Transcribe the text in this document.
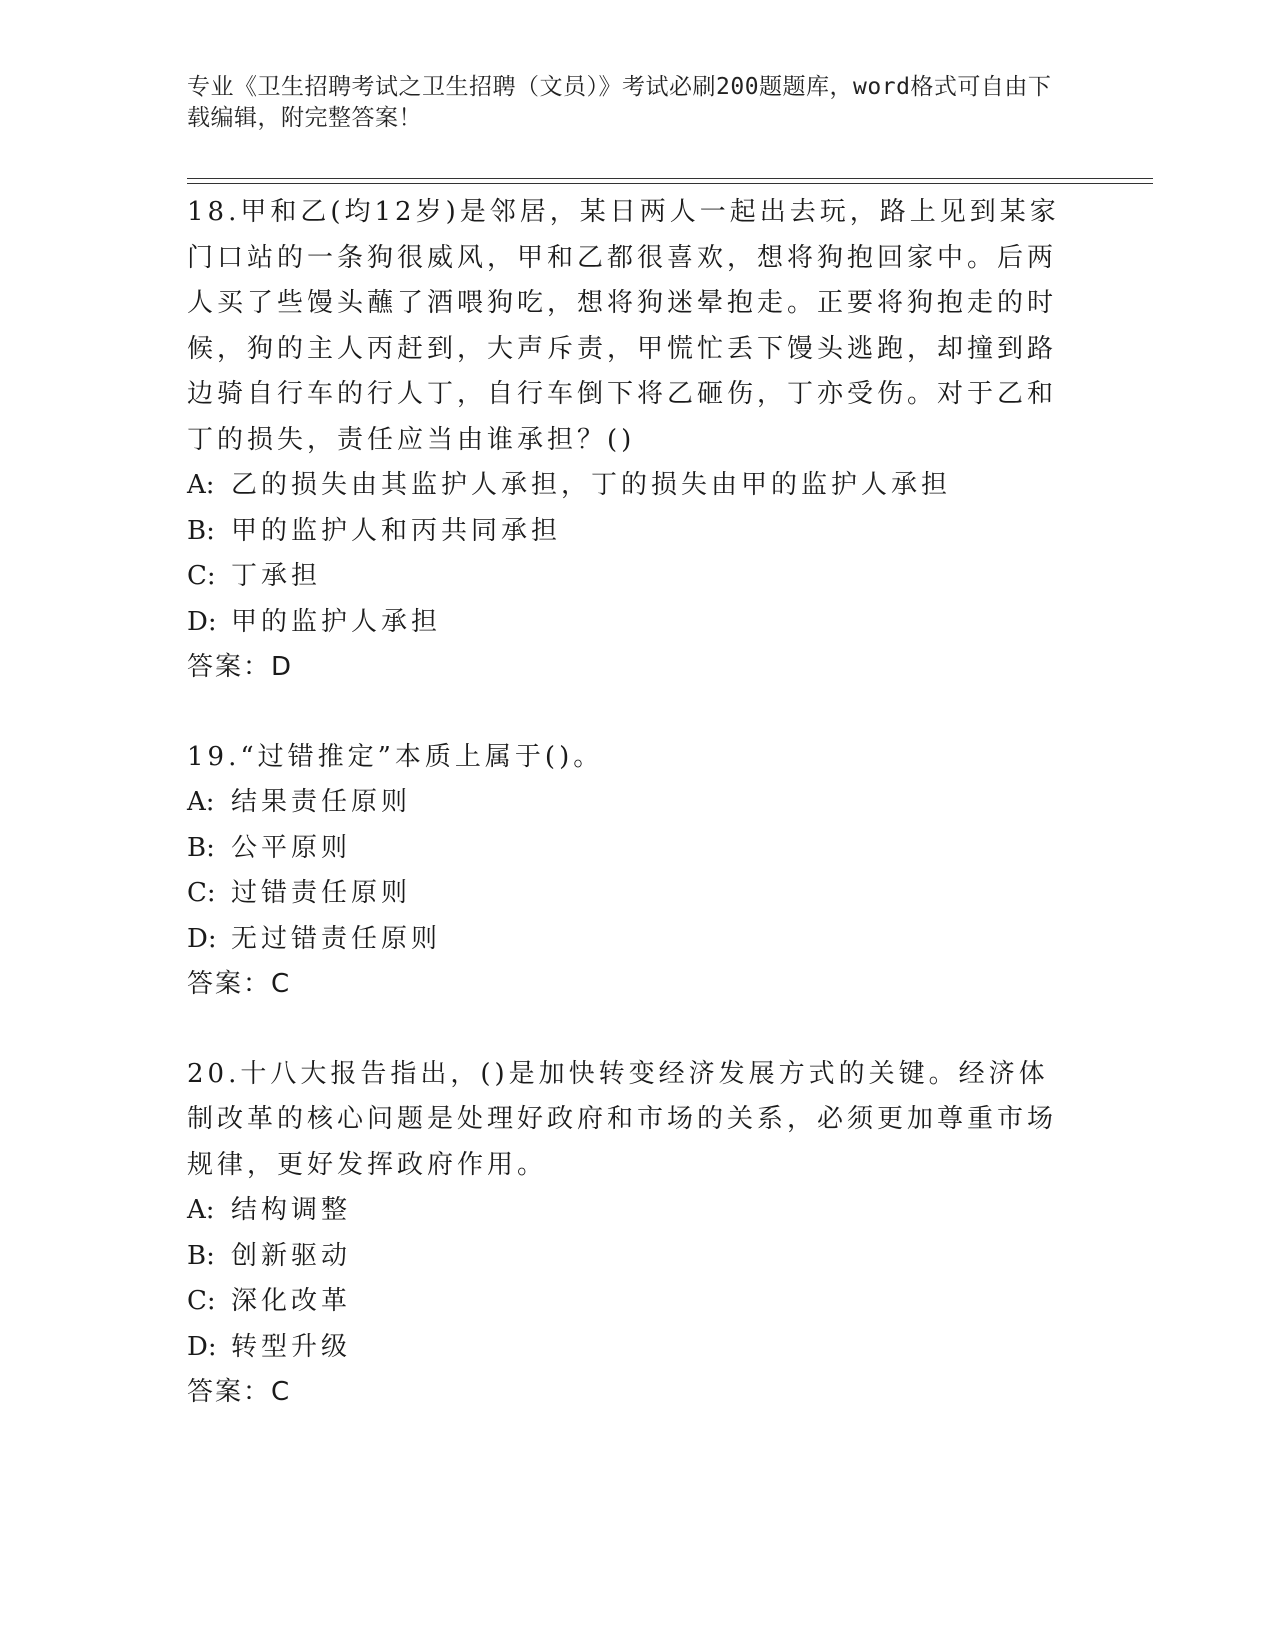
专业《卫生招聘考试之卫生招聘（文员）》考试必刷200题题库，word格式可自由下载编辑，附完整答案！

18.甲和乙(均12岁)是邻居，某日两人一起出去玩，路上见到某家门口站的一条狗很威风，甲和乙都很喜欢，想将狗抱回家中。后两人买了些馒头蘸了酒喂狗吃，想将狗迷晕抱走。正要将狗抱走的时候，狗的主人丙赶到，大声斥责，甲慌忙丢下馒头逃跑，却撞到路边骑自行车的行人丁，自行车倒下将乙砸伤，丁亦受伤。对于乙和丁的损失，责任应当由谁承担？()

A: 乙的损失由其监护人承担，丁的损失由甲的监护人承担

B: 甲的监护人和丙共同承担

C: 丁承担

D: 甲的监护人承担

答案：D

19.“过错推定”本质上属于()。

A: 结果责任原则

B: 公平原则

C: 过错责任原则

D: 无过错责任原则

答案：C

20.十八大报告指出，()是加快转变经济发展方式的关键。经济体制改革的核心问题是处理好政府和市场的关系，必须更加尊重市场规律，更好发挥政府作用。

A: 结构调整

B: 创新驱动

C: 深化改革

D: 转型升级

答案：C
